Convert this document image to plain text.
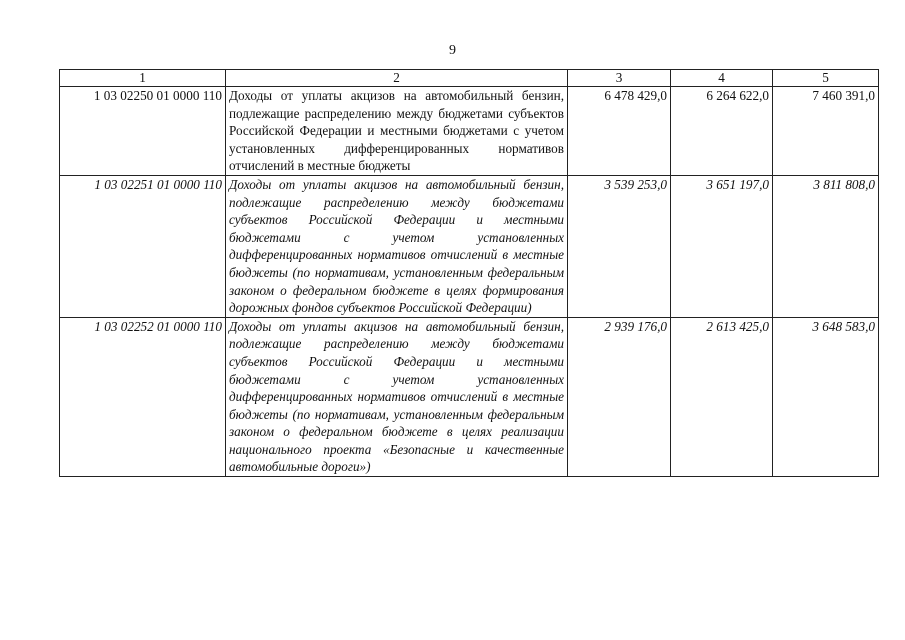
9
1	2	3	4	5
1 03 02250 01 0000 110	Доходы от уплаты акцизов на автомобильный бензин, подлежащие распределению между бюджетами субъектов Российской Федерации и местными бюджетами с учетом установленных дифференцированных нормативов отчислений в местные бюджеты	6 478 429,0	6 264 622,0	7 460 391,0
1 03 02251 01 0000 110	Доходы от уплаты акцизов на автомобильный бензин, подлежащие распределению между бюджетами субъектов Российской Федерации и местными бюджетами с учетом установленных дифференцированных нормативов отчислений в местные бюджеты (по нормативам, установленным федеральным законом о федеральном бюджете в целях формирования дорожных фондов субъектов Российской Федерации)	3 539 253,0	3 651 197,0	3 811 808,0
1 03 02252 01 0000 110	Доходы от уплаты акцизов на автомобильный бензин, подлежащие распределению между бюджетами субъектов Российской Федерации и местными бюджетами с учетом установленных дифференцированных нормативов отчислений в местные бюджеты (по нормативам, установленным федеральным законом о федеральном бюджете в целях реализации национального проекта «Безопасные и качественные автомобильные дороги»)	2 939 176,0	2 613 425,0	3 648 583,0
